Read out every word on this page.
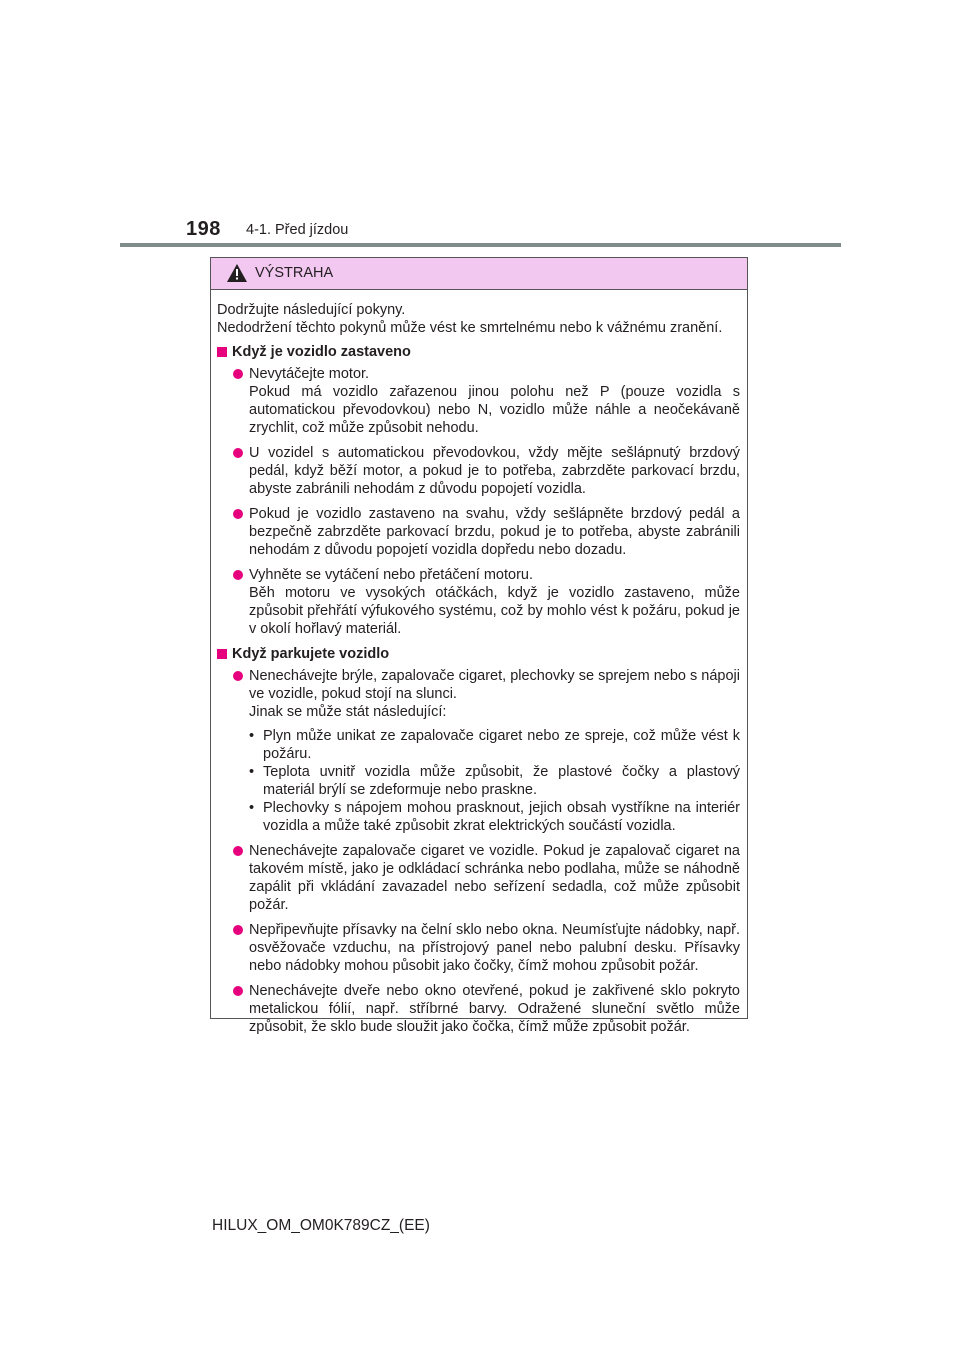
198 4-1. Před jízdou
VÝSTRAHA
Dodržujte následující pokyny.
Nedodržení těchto pokynů může vést ke smrtelnému nebo k vážnému zranění.
Když je vozidlo zastaveno

Nevytáčejte motor.

Pokud má vozidlo zařazenou jinou polohu než P (pouze vozidla s automatickou převodovkou) nebo N, vozidlo může náhle a neočekávaně zrychlit, což může způsobit nehodu.

U vozidel s automatickou převodovkou, vždy mějte sešlápnutý brzdový pedál, když běží motor, a pokud je to potřeba, zabrzděte parkovací brzdu, abyste zabránili nehodám z důvodu popojetí vozidla.

Pokud je vozidlo zastaveno na svahu, vždy sešlápněte brzdový pedál a bezpečně zabrzděte parkovací brzdu, pokud je to potřeba, abyste zabránili nehodám z důvodu popojetí vozidla dopředu nebo dozadu.

Vyhněte se vytáčení nebo přetáčení motoru.

Běh motoru ve vysokých otáčkách, když je vozidlo zastaveno, může způsobit přehřátí výfukového systému, což by mohlo vést k požáru, pokud je v okolí hořlavý materiál.

Když parkujete vozidlo

Nenechávejte brýle, zapalovače cigaret, plechovky se sprejem nebo s nápoji ve vozidle, pokud stojí na slunci.

Jinak se může stát následující:

• Plyn může unikat ze zapalovače cigaret nebo ze spreje, což může vést k požáru.
• Teplota uvnitř vozidla může způsobit, že plastové čočky a plastový materiál brýlí se zdeformuje nebo praskne.
• Plechovky s nápojem mohou prasknout, jejich obsah vystříkne na interiér vozidla a může také způsobit zkrat elektrických součástí vozidla.

Nenechávejte zapalovače cigaret ve vozidle. Pokud je zapalovač cigaret na takovém místě, jako je odkládací schránka nebo podlaha, může se náhodně zapálit při vkládání zavazadel nebo seřízení sedadla, což může způsobit požár.

Nepřipevňujte přísavky na čelní sklo nebo okna. Neumísťujte nádobky, např. osvěžovače vzduchu, na přístrojový panel nebo palubní desku. Přísavky nebo nádobky mohou působit jako čočky, čímž mohou způsobit požár.

Nenechávejte dveře nebo okno otevřené, pokud je zakřivené sklo pokryto metalickou fólií, např. stříbrné barvy. Odražené sluneční světlo může způsobit, že sklo bude sloužit jako čočka, čímž může způsobit požár.

HILUX_OM_OM0K789CZ_(EE)
